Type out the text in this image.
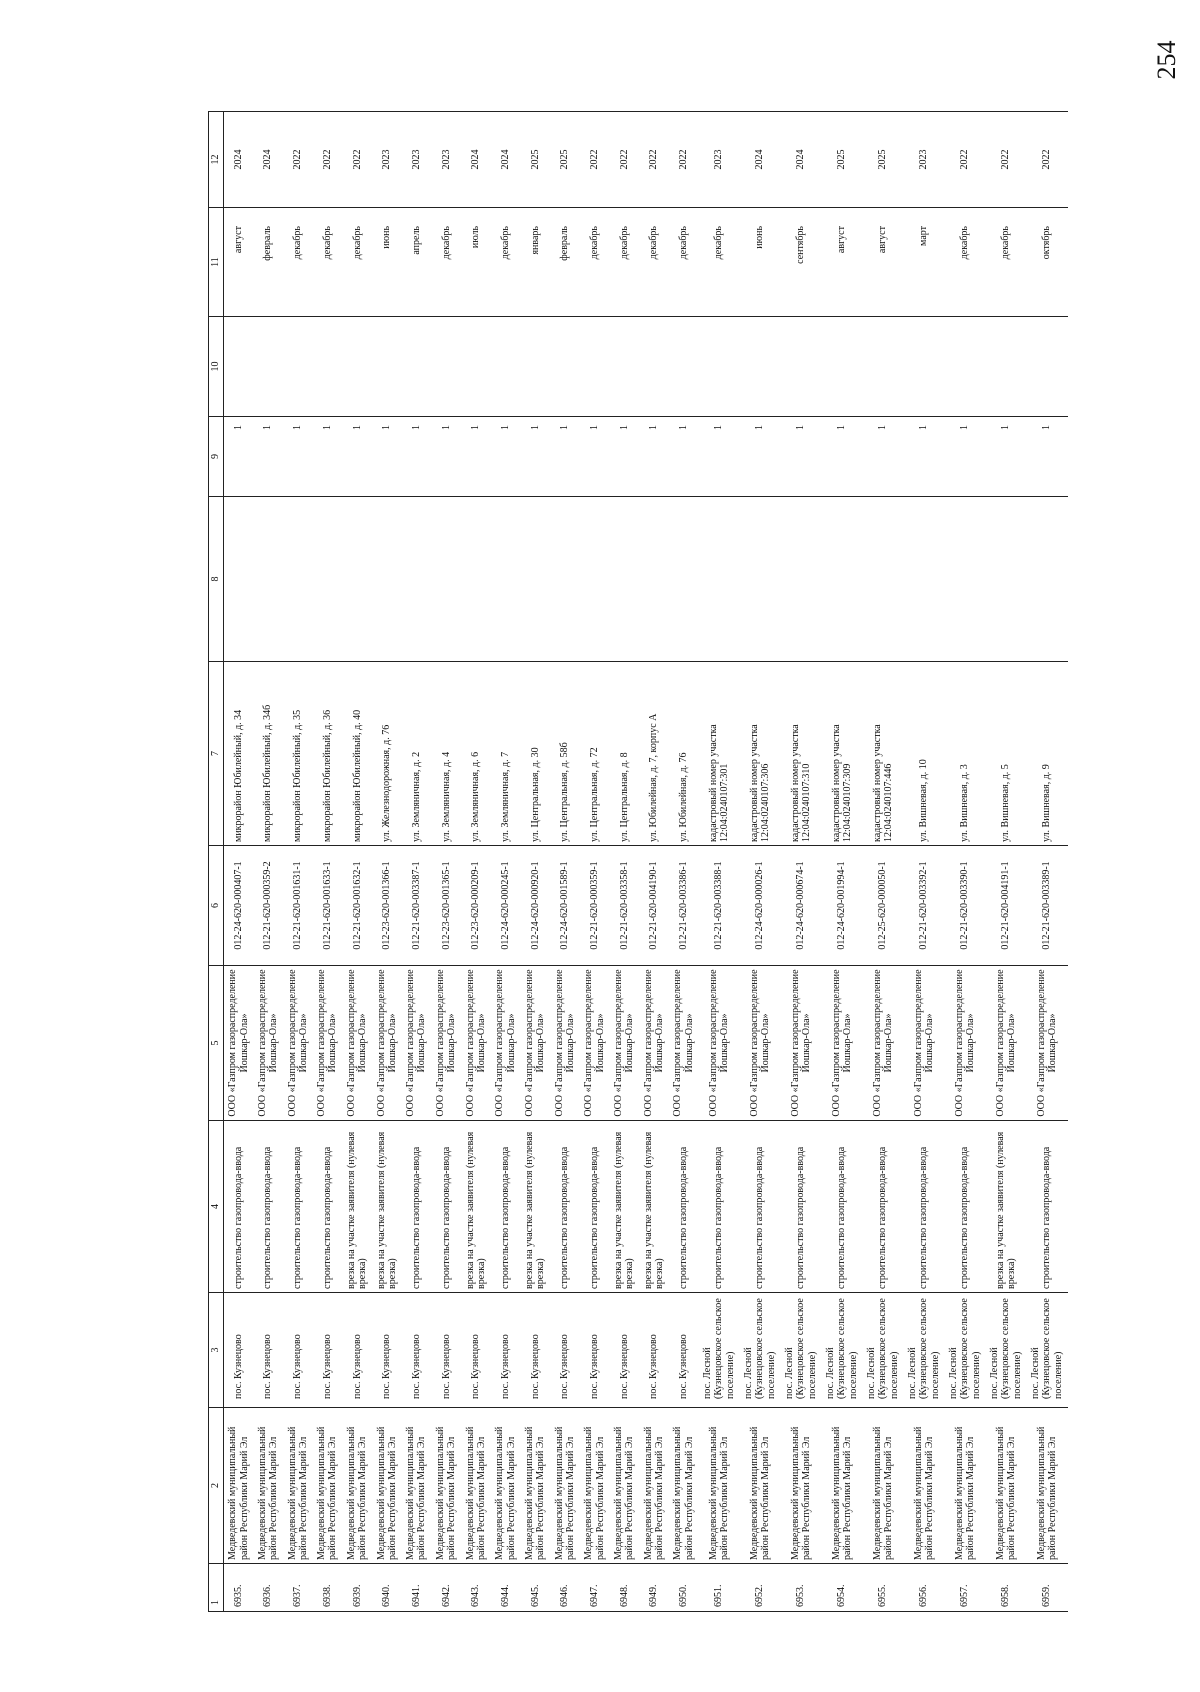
254
1	2	3	4	5	6	7	8	9	10	11	12
6935.	Медведевский муниципальный район Республики Марий Эл	пос. Кузнецово	строительство газопровода-ввода	ООО «Газпром газораспределение Йошкар-Ола»	012-24-620-000407-1	микрорайон Юбилейный, д. 34		1		август	2024
6936.	Медведевский муниципальный район Республики Марий Эл	пос. Кузнецово	строительство газопровода-ввода	ООО «Газпром газораспределение Йошкар-Ола»	012-21-620-000359-2	микрорайон Юбилейный, д. 34б		1		февраль	2024
6937.	Медведевский муниципальный район Республики Марий Эл	пос. Кузнецово	строительство газопровода-ввода	ООО «Газпром газораспределение Йошкар-Ола»	012-21-620-001631-1	микрорайон Юбилейный, д. 35		1		декабрь	2022
6938.	Медведевский муниципальный район Республики Марий Эл	пос. Кузнецово	строительство газопровода-ввода	ООО «Газпром газораспределение Йошкар-Ола»	012-21-620-001633-1	микрорайон Юбилейный, д. 36		1		декабрь	2022
6939.	Медведевский муниципальный район Республики Марий Эл	пос. Кузнецово	врезка на участке заявителя (нулевая врезка)	ООО «Газпром газораспределение Йошкар-Ола»	012-21-620-001632-1	микрорайон Юбилейный, д. 40		1		декабрь	2022
6940.	Медведевский муниципальный район Республики Марий Эл	пос. Кузнецово	врезка на участке заявителя (нулевая врезка)	ООО «Газпром газораспределение Йошкар-Ола»	012-23-620-001366-1	ул. Железнодорожная, д. 76		1		июнь	2023
6941.	Медведевский муниципальный район Республики Марий Эл	пос. Кузнецово	строительство газопровода-ввода	ООО «Газпром газораспределение Йошкар-Ола»	012-21-620-003387-1	ул. Земляничная, д. 2		1		апрель	2023
6942.	Медведевский муниципальный район Республики Марий Эл	пос. Кузнецово	строительство газопровода-ввода	ООО «Газпром газораспределение Йошкар-Ола»	012-23-620-001365-1	ул. Земляничная, д. 4		1		декабрь	2023
6943.	Медведевский муниципальный район Республики Марий Эл	пос. Кузнецово	врезка на участке заявителя (нулевая врезка)	ООО «Газпром газораспределение Йошкар-Ола»	012-23-620-000209-1	ул. Земляничная, д. 6		1		июль	2024
6944.	Медведевский муниципальный район Республики Марий Эл	пос. Кузнецово	строительство газопровода-ввода	ООО «Газпром газораспределение Йошкар-Ола»	012-24-620-000245-1	ул. Земляничная, д. 7		1		декабрь	2024
6945.	Медведевский муниципальный район Республики Марий Эл	пос. Кузнецово	врезка на участке заявителя (нулевая врезка)	ООО «Газпром газораспределение Йошкар-Ола»	012-24-620-000920-1	ул. Центральная, д. 30		1		январь	2025
6946.	Медведевский муниципальный район Республики Марий Эл	пос. Кузнецово	строительство газопровода-ввода	ООО «Газпром газораспределение Йошкар-Ола»	012-24-620-001589-1	ул. Центральная, д. 58б		1		февраль	2025
6947.	Медведевский муниципальный район Республики Марий Эл	пос. Кузнецово	строительство газопровода-ввода	ООО «Газпром газораспределение Йошкар-Ола»	012-21-620-000359-1	ул. Центральная, д. 72		1		декабрь	2022
6948.	Медведевский муниципальный район Республики Марий Эл	пос. Кузнецово	врезка на участке заявителя (нулевая врезка)	ООО «Газпром газораспределение Йошкар-Ола»	012-21-620-003358-1	ул. Центральная, д. 8		1		декабрь	2022
6949.	Медведевский муниципальный район Республики Марий Эл	пос. Кузнецово	врезка на участке заявителя (нулевая врезка)	ООО «Газпром газораспределение Йошкар-Ола»	012-21-620-004190-1	ул. Юбилейная, д. 7, корпус А		1		декабрь	2022
6950.	Медведевский муниципальный район Республики Марий Эл	пос. Кузнецово	строительство газопровода-ввода	ООО «Газпром газораспределение Йошкар-Ола»	012-21-620-003386-1	ул. Юбилейная, д. 76		1		декабрь	2022
6951.	Медведевский муниципальный район Республики Марий Эл	пос. Лесной (Кузнецовское сельское поселение)	строительство газопровода-ввода	ООО «Газпром газораспределение Йошкар-Ола»	012-21-620-003388-1	кадастровый номер участка 12:04:0240107:301		1		декабрь	2023
6952.	Медведевский муниципальный район Республики Марий Эл	пос. Лесной (Кузнецовское сельское поселение)	строительство газопровода-ввода	ООО «Газпром газораспределение Йошкар-Ола»	012-24-620-000026-1	кадастровый номер участка 12:04:0240107:306		1		июнь	2024
6953.	Медведевский муниципальный район Республики Марий Эл	пос. Лесной (Кузнецовское сельское поселение)	строительство газопровода-ввода	ООО «Газпром газораспределение Йошкар-Ола»	012-24-620-000674-1	кадастровый номер участка 12:04:0240107:310		1		сентябрь	2024
6954.	Медведевский муниципальный район Республики Марий Эл	пос. Лесной (Кузнецовское сельское поселение)	строительство газопровода-ввода	ООО «Газпром газораспределение Йошкар-Ола»	012-24-620-001994-1	кадастровый номер участка 12:04:0240107:309		1		август	2025
6955.	Медведевский муниципальный район Республики Марий Эл	пос. Лесной (Кузнецовское сельское поселение)	строительство газопровода-ввода	ООО «Газпром газораспределение Йошкар-Ола»	012-25-620-000050-1	кадастровый номер участка 12:04:0240107:446		1		август	2025
6956.	Медведевский муниципальный район Республики Марий Эл	пос. Лесной (Кузнецовское сельское поселение)	строительство газопровода-ввода	ООО «Газпром газораспределение Йошкар-Ола»	012-21-620-003392-1	ул. Вишневая, д. 10		1		март	2023
6957.	Медведевский муниципальный район Республики Марий Эл	пос. Лесной (Кузнецовское сельское поселение)	строительство газопровода-ввода	ООО «Газпром газораспределение Йошкар-Ола»	012-21-620-003390-1	ул. Вишневая, д. 3		1		декабрь	2022
6958.	Медведевский муниципальный район Республики Марий Эл	пос. Лесной (Кузнецовское сельское поселение)	врезка на участке заявителя (нулевая врезка)	ООО «Газпром газораспределение Йошкар-Ола»	012-21-620-004191-1	ул. Вишневая, д. 5		1		декабрь	2022
6959.	Медведевский муниципальный район Республики Марий Эл	пос. Лесной (Кузнецовское сельское поселение)	строительство газопровода-ввода	ООО «Газпром газораспределение Йошкар-Ола»	012-21-620-003389-1	ул. Вишневая, д. 9		1		октябрь	2022
